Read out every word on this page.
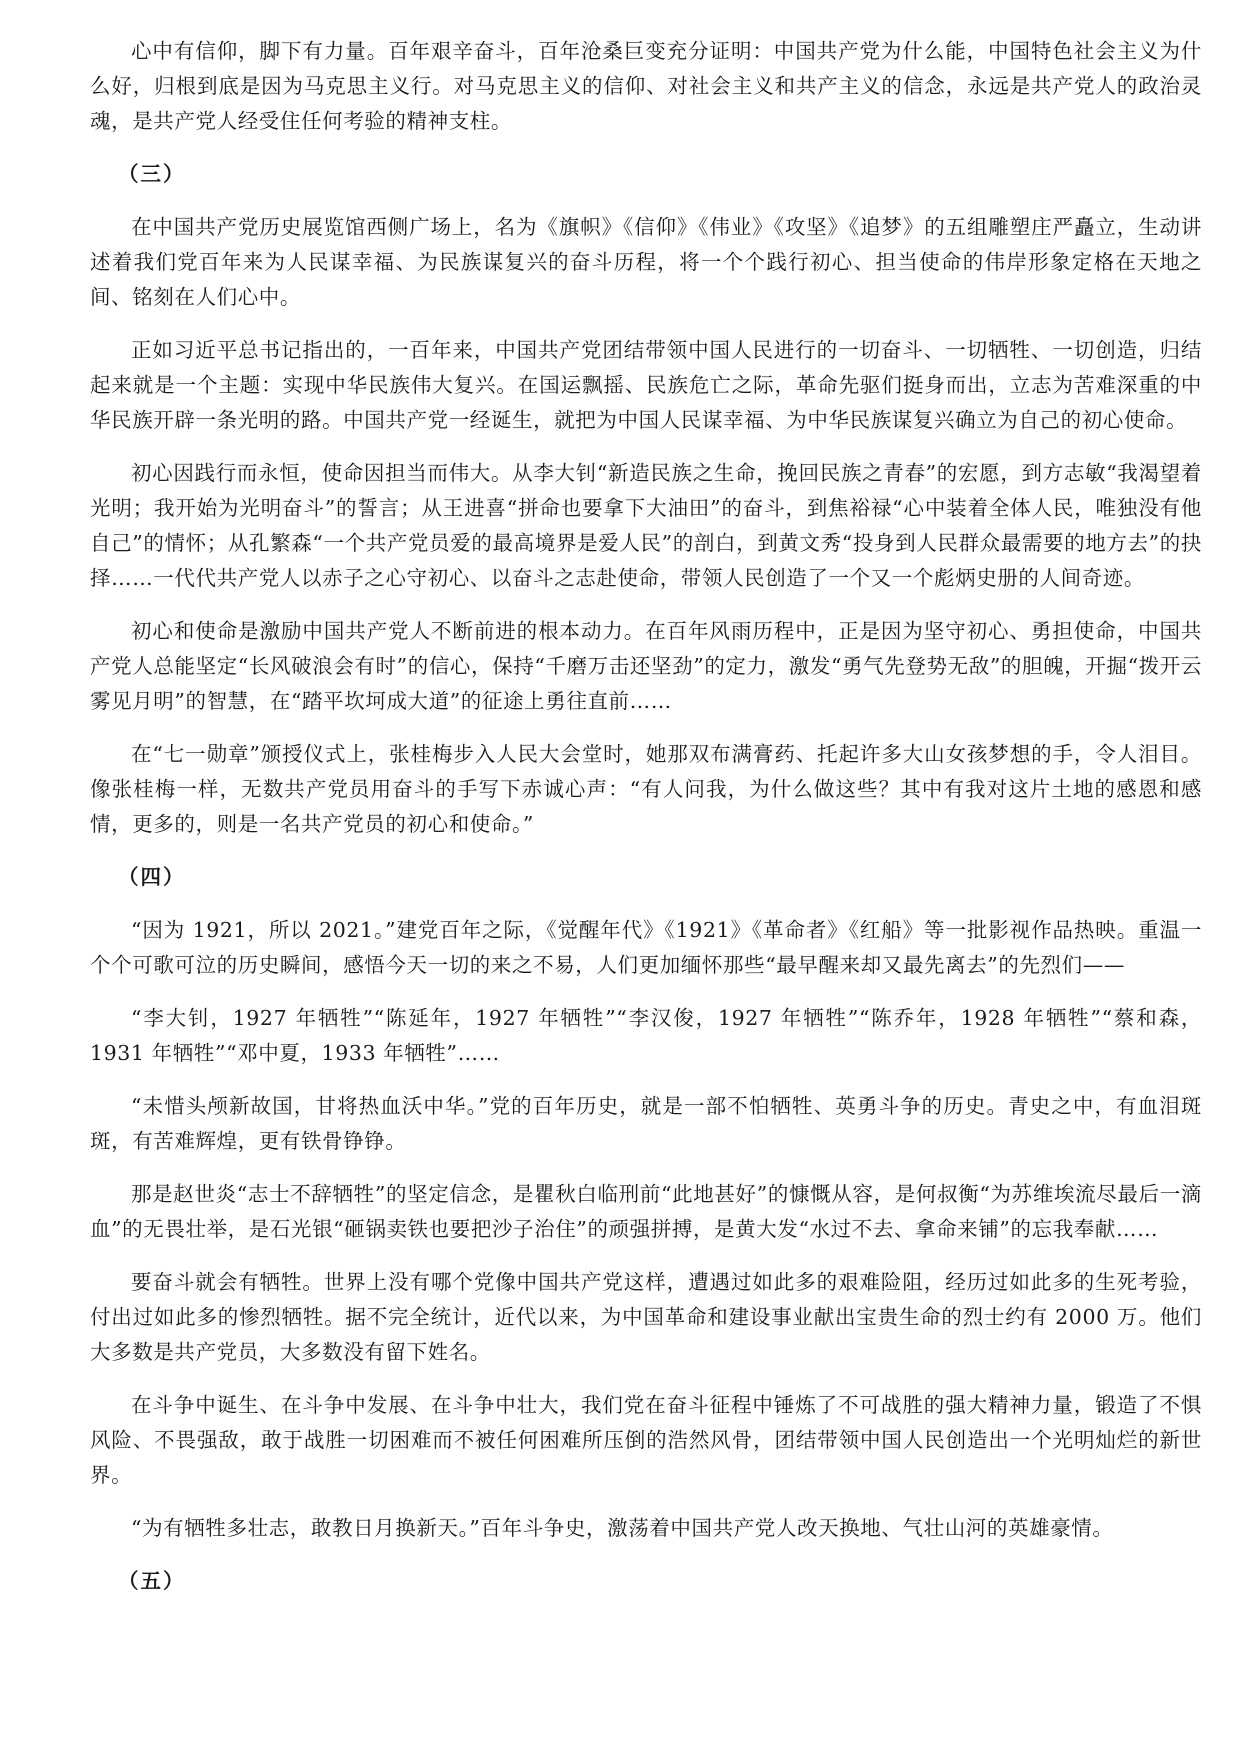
心中有信仰，脚下有力量。百年艰辛奋斗，百年沧桑巨变充分证明：中国共产党为什么能，中国特色社会主义为什么好，归根到底是因为马克思主义行。对马克思主义的信仰、对社会主义和共产主义的信念，永远是共产党人的政治灵魂，是共产党人经受住任何考验的精神支柱。

（三）

在中国共产党历史展览馆西侧广场上，名为《旗帜》《信仰》《伟业》《攻坚》《追梦》的五组雕塑庄严矗立，生动讲述着我们党百年来为人民谋幸福、为民族谋复兴的奋斗历程，将一个个践行初心、担当使命的伟岸形象定格在天地之间、铭刻在人们心中。

正如习近平总书记指出的，一百年来，中国共产党团结带领中国人民进行的一切奋斗、一切牺牲、一切创造，归结起来就是一个主题：实现中华民族伟大复兴。在国运飘摇、民族危亡之际，革命先驱们挺身而出，立志为苦难深重的中华民族开辟一条光明的路。中国共产党一经诞生，就把为中国人民谋幸福、为中华民族谋复兴确立为自己的初心使命。

初心因践行而永恒，使命因担当而伟大。从李大钊“新造民族之生命，挽回民族之青春”的宏愿，到方志敏“我渴望着光明；我开始为光明奋斗”的誓言；从王进喜“拼命也要拿下大油田”的奋斗，到焦裕禄“心中装着全体人民，唯独没有他自己”的情怀；从孔繁森“一个共产党员爱的最高境界是爱人民”的剖白，到黄文秀“投身到人民群众最需要的地方去”的抉择……一代代共产党人以赤子之心守初心、以奋斗之志赴使命，带领人民创造了一个又一个彪炳史册的人间奇迹。

初心和使命是激励中国共产党人不断前进的根本动力。在百年风雨历程中，正是因为坚守初心、勇担使命，中国共产党人总能坚定“长风破浪会有时”的信心，保持“千磨万击还坚劲”的定力，激发“勇气先登势无敌”的胆魄，开掘“拨开云雾见月明”的智慧，在“踏平坎坷成大道”的征途上勇往直前……

在“七一勋章”颁授仪式上，张桂梅步入人民大会堂时，她那双布满膏药、托起许多大山女孩梦想的手，令人泪目。像张桂梅一样，无数共产党员用奋斗的手写下赤诚心声：“有人问我，为什么做这些？其中有我对这片土地的感恩和感情，更多的，则是一名共产党员的初心和使命。”

（四）

“因为 1921，所以 2021。”建党百年之际，《觉醒年代》《1921》《革命者》《红船》等一批影视作品热映。重温一个个可歌可泣的历史瞬间，感悟今天一切的来之不易，人们更加缅怀那些“最早醒来却又最先离去”的先烈们——

“李大钊，1927 年牺牲”“陈延年，1927 年牺牲”“李汉俊，1927 年牺牲”“陈乔年，1928 年牺牲”“蔡和森，1931 年牺牲”“邓中夏，1933 年牺牲”……

“未惜头颅新故国，甘将热血沃中华。”党的百年历史，就是一部不怕牺牲、英勇斗争的历史。青史之中，有血泪斑斑，有苦难辉煌，更有铁骨铮铮。

那是赵世炎“志士不辞牺牲”的坚定信念，是瞿秋白临刑前“此地甚好”的慷慨从容，是何叔衡“为苏维埃流尽最后一滴血”的无畏壮举，是石光银“砸锅卖铁也要把沙子治住”的顽强拼搏，是黄大发“水过不去、拿命来铺”的忘我奉献……

要奋斗就会有牺牲。世界上没有哪个党像中国共产党这样，遭遇过如此多的艰难险阻，经历过如此多的生死考验，付出过如此多的惨烈牺牲。据不完全统计，近代以来，为中国革命和建设事业献出宝贵生命的烈士约有 2000 万。他们大多数是共产党员，大多数没有留下姓名。

在斗争中诞生、在斗争中发展、在斗争中壮大，我们党在奋斗征程中锤炼了不可战胜的强大精神力量，锻造了不惧风险、不畏强敌，敢于战胜一切困难而不被任何困难所压倒的浩然风骨，团结带领中国人民创造出一个光明灿烂的新世界。

“为有牺牲多壮志，敢教日月换新天。”百年斗争史，激荡着中国共产党人改天换地、气壮山河的英雄豪情。

（五）
